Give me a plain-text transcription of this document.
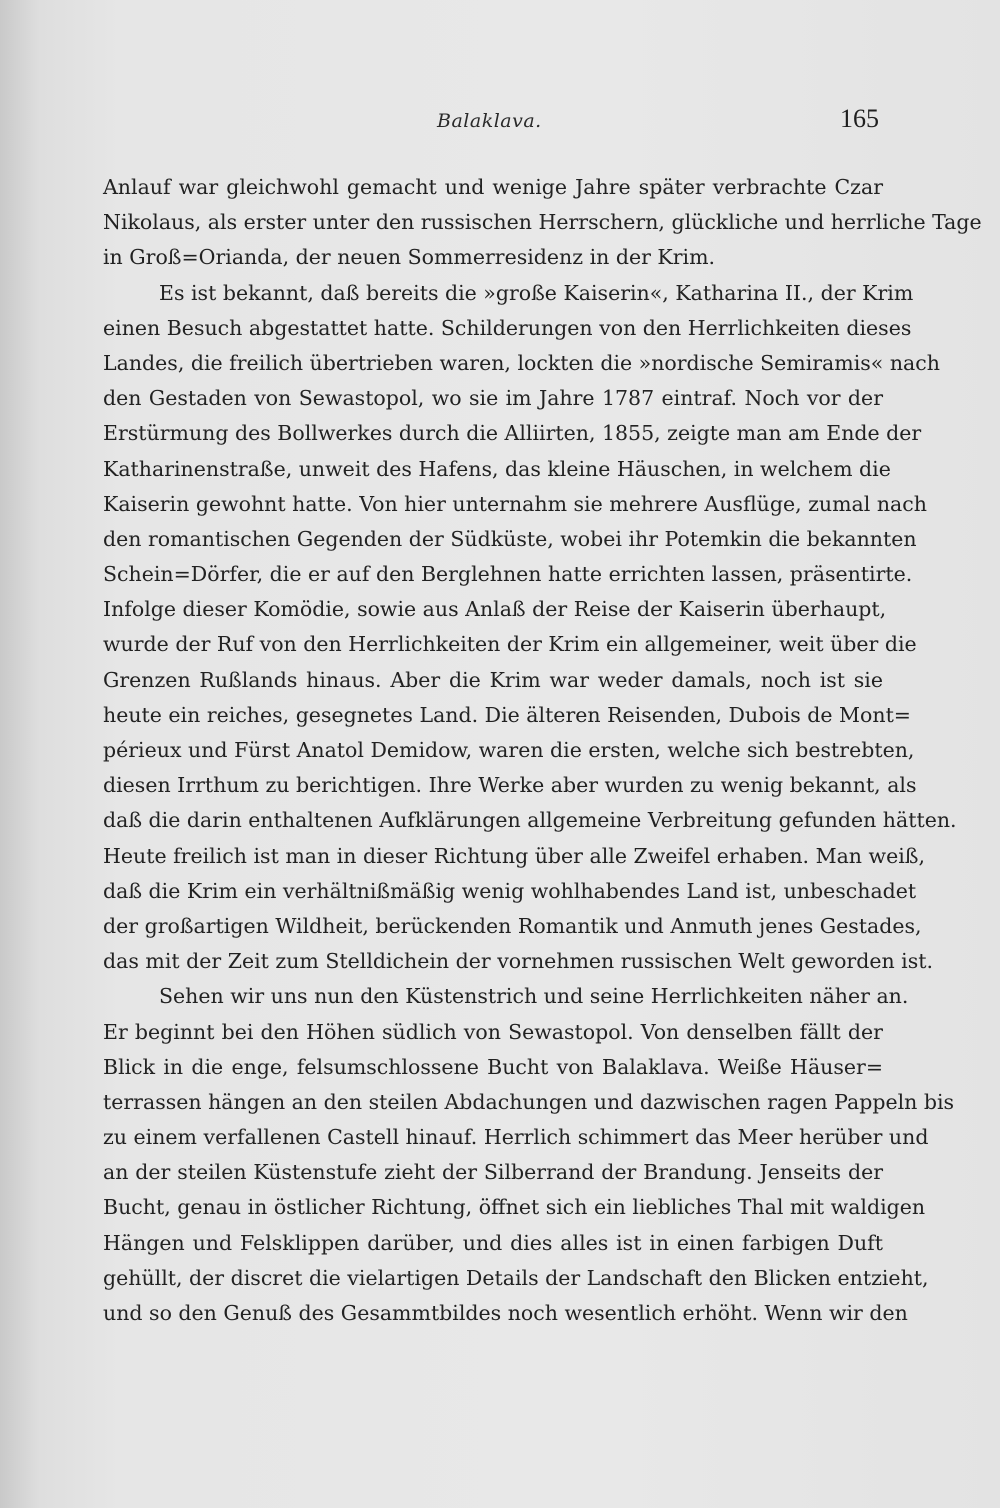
Balaklava.	165
Anlauf war gleichwohl gemacht und wenige Jahre später verbrachte Czar
Nikolaus, als erster unter den russischen Herrschern, glückliche und herrliche Tage
in Groß=Orianda, der neuen Sommerresidenz in der Krim.
Es ist bekannt, daß bereits die »große Kaiserin«, Katharina II., der Krim
einen Besuch abgestattet hatte. Schilderungen von den Herrlichkeiten dieses
Landes, die freilich übertrieben waren, lockten die »nordische Semiramis« nach
den Gestaden von Sewastopol, wo sie im Jahre 1787 eintraf. Noch vor der
Erstürmung des Bollwerkes durch die Alliirten, 1855, zeigte man am Ende der
Katharinenstraße, unweit des Hafens, das kleine Häuschen, in welchem die
Kaiserin gewohnt hatte. Von hier unternahm sie mehrere Ausflüge, zumal nach
den romantischen Gegenden der Südküste, wobei ihr Potemkin die bekannten
Schein=Dörfer, die er auf den Berglehnen hatte errichten lassen, präsentirte.
Infolge dieser Komödie, sowie aus Anlaß der Reise der Kaiserin überhaupt,
wurde der Ruf von den Herrlichkeiten der Krim ein allgemeiner, weit über die
Grenzen Rußlands hinaus. Aber die Krim war weder damals, noch ist sie
heute ein reiches, gesegnetes Land. Die älteren Reisenden, Dubois de Mont=
périeux und Fürst Anatol Demidow, waren die ersten, welche sich bestrebten,
diesen Irrthum zu berichtigen. Ihre Werke aber wurden zu wenig bekannt, als
daß die darin enthaltenen Aufklärungen allgemeine Verbreitung gefunden hätten.
Heute freilich ist man in dieser Richtung über alle Zweifel erhaben. Man weiß,
daß die Krim ein verhältnißmäßig wenig wohlhabendes Land ist, unbeschadet
der großartigen Wildheit, berückenden Romantik und Anmuth jenes Gestades,
das mit der Zeit zum Stelldichein der vornehmen russischen Welt geworden ist.
Sehen wir uns nun den Küstenstrich und seine Herrlichkeiten näher an.
Er beginnt bei den Höhen südlich von Sewastopol. Von denselben fällt der
Blick in die enge, felsumschlossene Bucht von Balaklava. Weiße Häuser=
terrassen hängen an den steilen Abdachungen und dazwischen ragen Pappeln bis
zu einem verfallenen Castell hinauf. Herrlich schimmert das Meer herüber und
an der steilen Küstenstufe zieht der Silberrand der Brandung. Jenseits der
Bucht, genau in östlicher Richtung, öffnet sich ein liebliches Thal mit waldigen
Hängen und Felsklippen darüber, und dies alles ist in einen farbigen Duft
gehüllt, der discret die vielartigen Details der Landschaft den Blicken entzieht,
und so den Genuß des Gesammtbildes noch wesentlich erhöht. Wenn wir den
